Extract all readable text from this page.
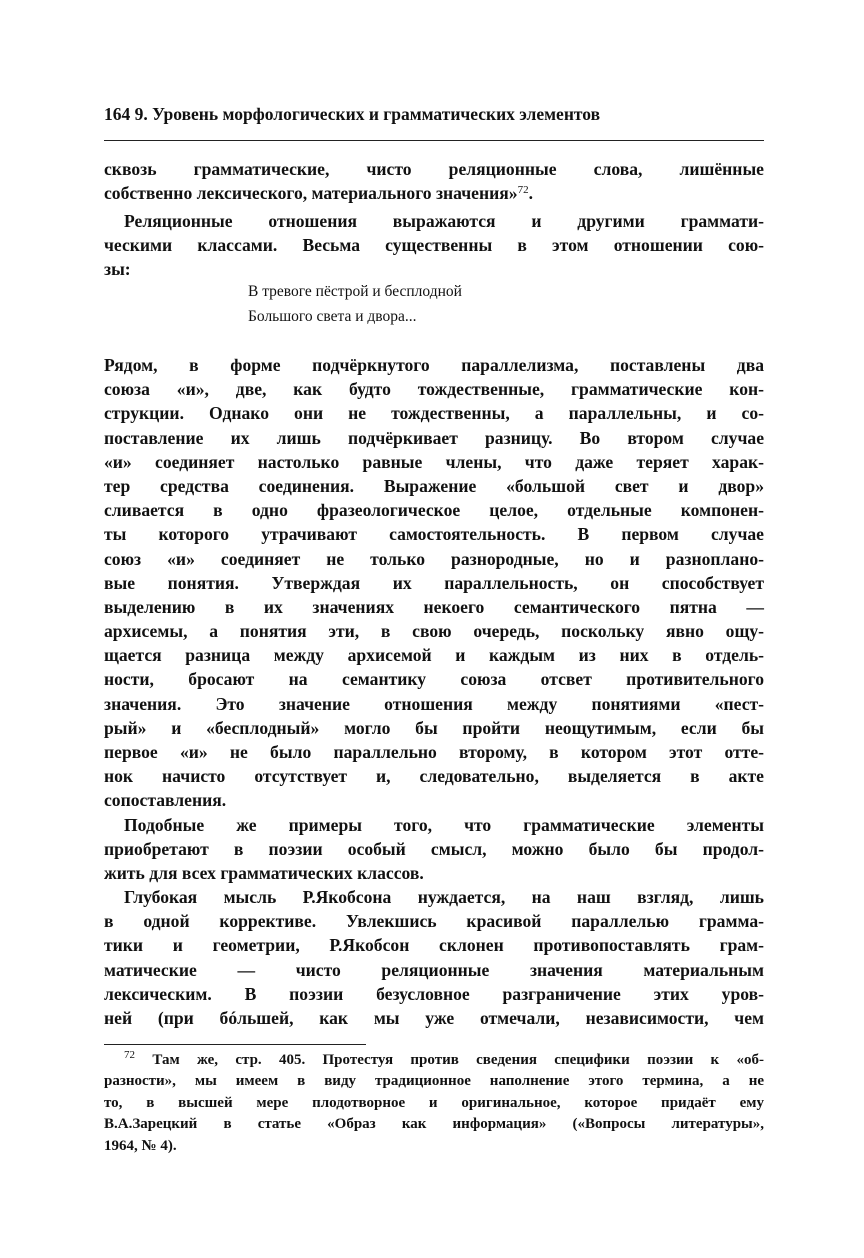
164 9. Уровень морфологических и грамматических элементов
сквозь грамматические, чисто реляционные слова, лишённые
собственно лексического, материального значения»$^{72}$.
Реляционные отношения выражаются и другими граммати-
ческими классами. Весьма существенны в этом отношении сою-
зы:
В тревоге пёстрой и бесплодной
Большого света и двора...
Рядом, в форме подчёркнутого параллелизма, поставлены два
союза «и», две, как будто тождественные, грамматические кон-
струкции. Однако они не тождественны, а параллельны, и со-
поставление их лишь подчёркивает разницу. Во втором случае
«и» соединяет настолько равные члены, что даже теряет харак-
тер средства соединения. Выражение «большой свет и двор»
сливается в одно фразеологическое целое, отдельные компонен-
ты которого утрачивают самостоятельность. В первом случае
союз «и» соединяет не только разнородные, но и разноплано-
вые понятия. Утверждая их параллельность, он способствует
выделению в их значениях некоего семантического пятна —
архисемы, а понятия эти, в свою очередь, поскольку явно ощу-
щается разница между архисемой и каждым из них в отдель-
ности, бросают на семантику союза отсвет противительного
значения. Это значение отношения между понятиями «пест-
рый» и «бесплодный» могло бы пройти неощутимым, если бы
первое «и» не было параллельно второму, в котором этот отте-
нок начисто отсутствует и, следовательно, выделяется в акте
сопоставления.
Подобные же примеры того, что грамматические элементы
приобретают в поэзии особый смысл, можно было бы продол-
жить для всех грамматических классов.
Глубокая мысль Р.Якобсона нуждается, на наш взгляд, лишь
в одной коррективе. Увлекшись красивой параллелью грамма-
тики и геометрии, Р.Якобсон склонен противопоставлять грам-
матические — чисто реляционные значения материальным
лексическим. В поэзии безусловное разграничение этих уров-
ней (при бóльшей, как мы уже отмечали, независимости, чем
$^{72}$ Там же, стр. 405. Протестуя против сведения специфики поэзии к «об-
разности», мы имеем в виду традиционное наполнение этого термина, а не
то, в высшей мере плодотворное и оригинальное, которое придаёт ему
В.А.Зарецкий в статье «Образ как информация» («Вопросы литературы»,
1964, № 4).
